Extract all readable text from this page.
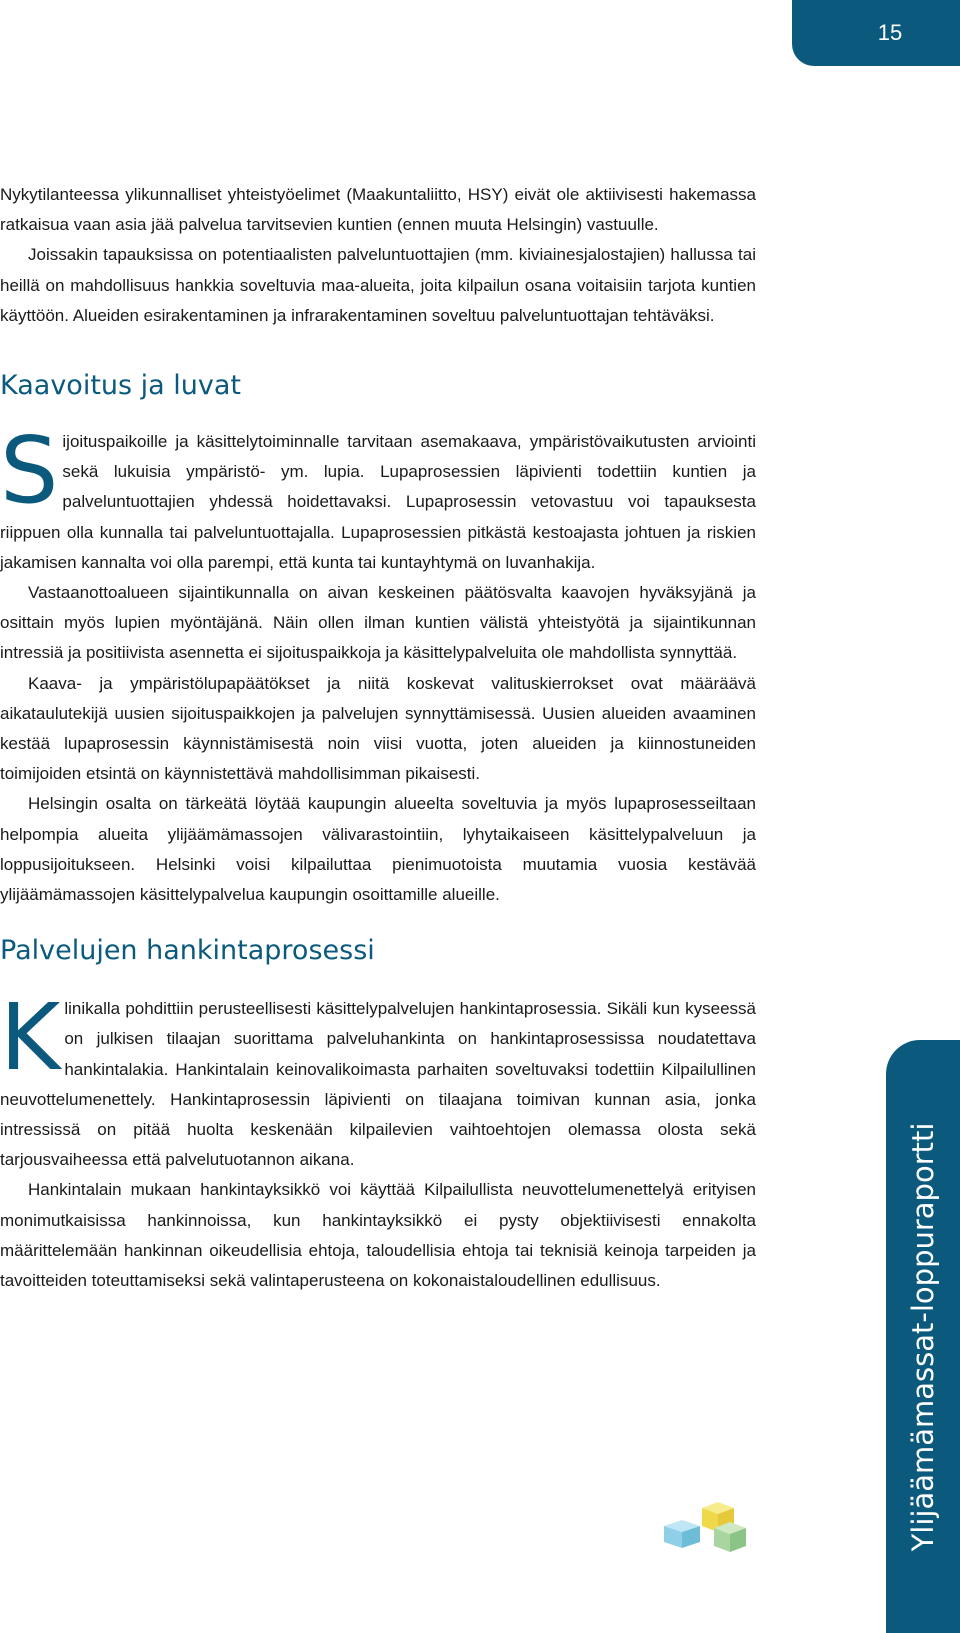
15

Nykytilanteessa ylikunnalliset yhteistyöelimet (Maakuntaliitto, HSY) eivät ole aktiivisesti hakemassa ratkaisua vaan asia jää palvelua tarvitsevien kuntien (ennen muuta Helsingin) vastuulle.

Joissakin tapauksissa on potentiaalisten palveluntuottajien (mm. kiviainesjalostajien) hallussa tai heillä on mahdollisuus hankkia soveltuvia maa-alueita, joita kilpailun osana voitaisiin tarjota kuntien käyttöön. Alueiden esirakentaminen ja infrarakentaminen soveltuu palveluntuottajan tehtäväksi.

Kaavoitus ja luvat
S ijoituspaikoille ja käsittelytoiminnalle tarvitaan asemakaava, ympäristövaikutusten arviointi sekä lukuisia ympäristö- ym. lupia. Lupaprosessien läpivienti todettiin kuntien ja palveluntuottajien yhdessä hoidettavaksi. Lupaprosessin vetovastuu voi tapauksesta riippuen olla kunnalla tai palveluntuottajalla. Lupaprosessien pitkästä kestoajasta johtuen ja riskien jakamisen kannalta voi olla parempi, että kunta tai kuntayhtymä on luvanhakija.

Vastaanottoalueen sijaintikunnalla on aivan keskeinen päätösvalta kaavojen hyväksyjänä ja osittain myös lupien myöntäjänä. Näin ollen ilman kuntien välistä yhteistyötä ja sijaintikunnan intressiä ja positiivista asennetta ei sijoituspaikkoja ja käsittelypalveluita ole mahdollista synnyttää.

Kaava- ja ympäristölupapäätökset ja niitä koskevat valituskierrokset ovat määräävä aikataulutekijä uusien sijoituspaikkojen ja palvelujen synnyttämisessä. Uusien alueiden avaaminen kestää lupaprosessin käynnistämisestä noin viisi vuotta, joten alueiden ja kiinnostuneiden toimijoiden etsintä on käynnistettävä mahdollisimman pikaisesti.

Helsingin osalta on tärkeätä löytää kaupungin alueelta soveltuvia ja myös lupaprosesseiltaan helpompia alueita ylijäämämassojen välivarastointiin, lyhytaikaiseen käsittelypalveluun ja loppusijoitukseen. Helsinki voisi kilpailuttaa pienimuotoista muutamia vuosia kestävää ylijäämämassojen käsittelypalvelua kaupungin osoittamille alueille.

Palvelujen hankintaprosessi
K linikalla pohdittiin perusteellisesti käsittelypalvelujen hankintaprosessia. Sikäli kun kyseessä on julkisen tilaajan suorittama palveluhankinta on hankintaprosessissa noudatettava hankintalakia. Hankintalain keinovalikoimasta parhaiten soveltuvaksi todettiin Kilpailullinen neuvottelumenettely. Hankintaprosessin läpivienti on tilaajana toimivan kunnan asia, jonka intressissä on pitää huolta keskenään kilpailevien vaihtoehtojen olemassa olosta sekä tarjousvaiheessa että palvelutuotannon aikana.

Hankintalain mukaan hankintayksikkö voi käyttää Kilpailullista neuvottelumenettelyä erityisen monimutkaisissa hankinnoissa, kun hankintayksikkö ei pysty objektiivisesti ennakolta määrittelemään hankinnan oikeudellisia ehtoja, taloudellisia ehtoja tai teknisiä keinoja tarpeiden ja tavoitteiden toteuttamiseksi sekä valintaperusteena on kokonaistaloudellinen edullisuus.	Ylijäämämassat-loppuraportti
